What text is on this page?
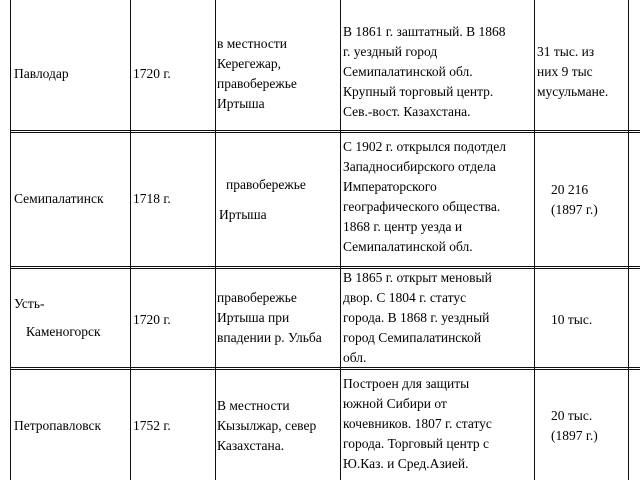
Павлодар	1720 г.
в местности
Керегежар,
правобережье
Иртыша
В 1861 г. заштатный. В 1868
г. уездный город
Семипалатинской обл.
Крупный торговый центр.
Сев.-вост. Казахстана.
31 тыс. из
них 9 тыс
мусульмане.
Семипалатинск 1718 г.
правобережье
Иртыша
С 1902 г. открылся подотдел
Западносибирского отдела
Императорского
географического общества.
1868 г. центр уезда и
Семипалатинской обл.
20 216
(1897 г.)
Усть-
Каменогорск
1720 г.
правобережье
Иртыша при
впадении р. Ульба
В 1865 г. открыт меновый
двор. С 1804 г. статус
города. В 1868 г. уездный
город Семипалатинской
обл.
10 тыс.
Петропавловск 1752 г.
В местности
Кызылжар, север
Казахстана.
Построен для защиты
южной Сибири от
кочевников. 1807 г. статус
города. Торговый центр с
Ю.Каз. и Сред.Азией.
20 тыс.
(1897 г.)
